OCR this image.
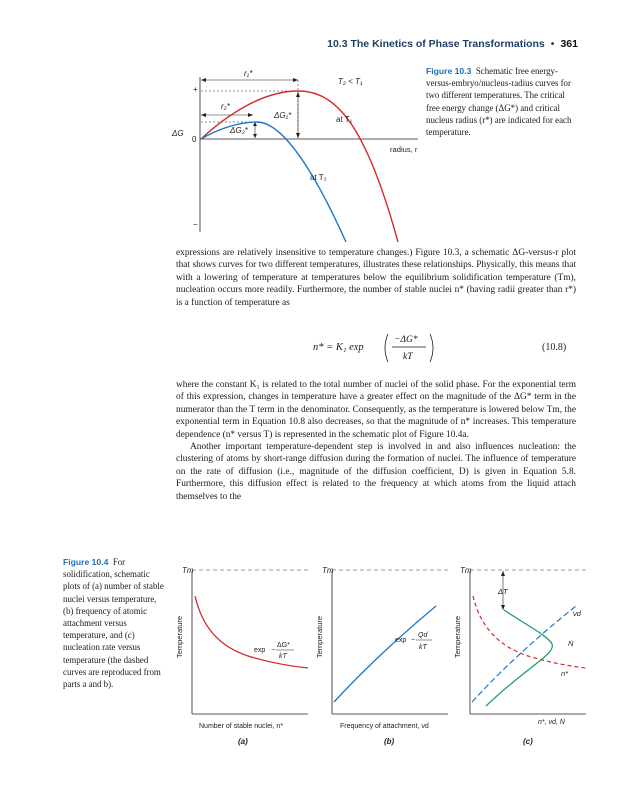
10.3 The Kinetics of Phase Transformations • 361
+
−
ΔG
0
r₁*
r₂*
ΔG₁*
ΔG₂*
T₂ < T₁
at T₁
at T₂
radius, r
Figure 10.3 Schematic free energy-versus-embryo/nucleus-radius curves for two different temperatures. The critical free energy change (ΔG*) and critical nucleus radius (r*) are indicated for each temperature.

expressions are relatively insensitive to temperature changes.) Figure 10.3, a schematic ΔG-versus-r plot that shows curves for two different temperatures, illustrates these relationships. Physically, this means that with a lowering of temperature at temperatures below the equilibrium solidification temperature (Tm), nucleation occurs more readily. Furthermore, the number of stable nuclei n* (having radii greater than r*) is a function of temperature as

n* = K₁ exp
−ΔG*
kT
(10.8)

where the constant K₁ is related to the total number of nuclei of the solid phase. For the exponential term of this expression, changes in temperature have a greater effect on the magnitude of the ΔG* term in the numerator than the T term in the denominator. Consequently, as the temperature is lowered below Tm, the exponential term in Equation 10.8 also decreases, so that the magnitude of n* increases. This temperature dependence (n* versus T) is represented in the schematic plot of Figure 10.4a.

Another important temperature-dependent step is involved in and also influences nucleation: the clustering of atoms by short-range diffusion during the formation of nuclei. The influence of temperature on the rate of diffusion (i.e., magnitude of the diffusion coefficient, D) is given in Equation 5.8. Furthermore, this diffusion effect is related to the frequency at which atoms from the liquid attach themselves to the

Figure 10.4 For solidification, schematic plots of (a) number of stable nuclei versus temperature, (b) frequency of atomic attachment versus temperature, and (c) nucleation rate versus temperature (the dashed curves are reproduced from parts a and b).
Tm
Temperature	exp −
ΔG*
kT
Number of stable nuclei, n*
(a)
Tm
Temperature	exp −
Qd
kT
Frequency of attachment, νd
(b)
Tm
Temperature
ΔT
νd
Ṅ
n*
n*, νd, Ṅ
(c)
